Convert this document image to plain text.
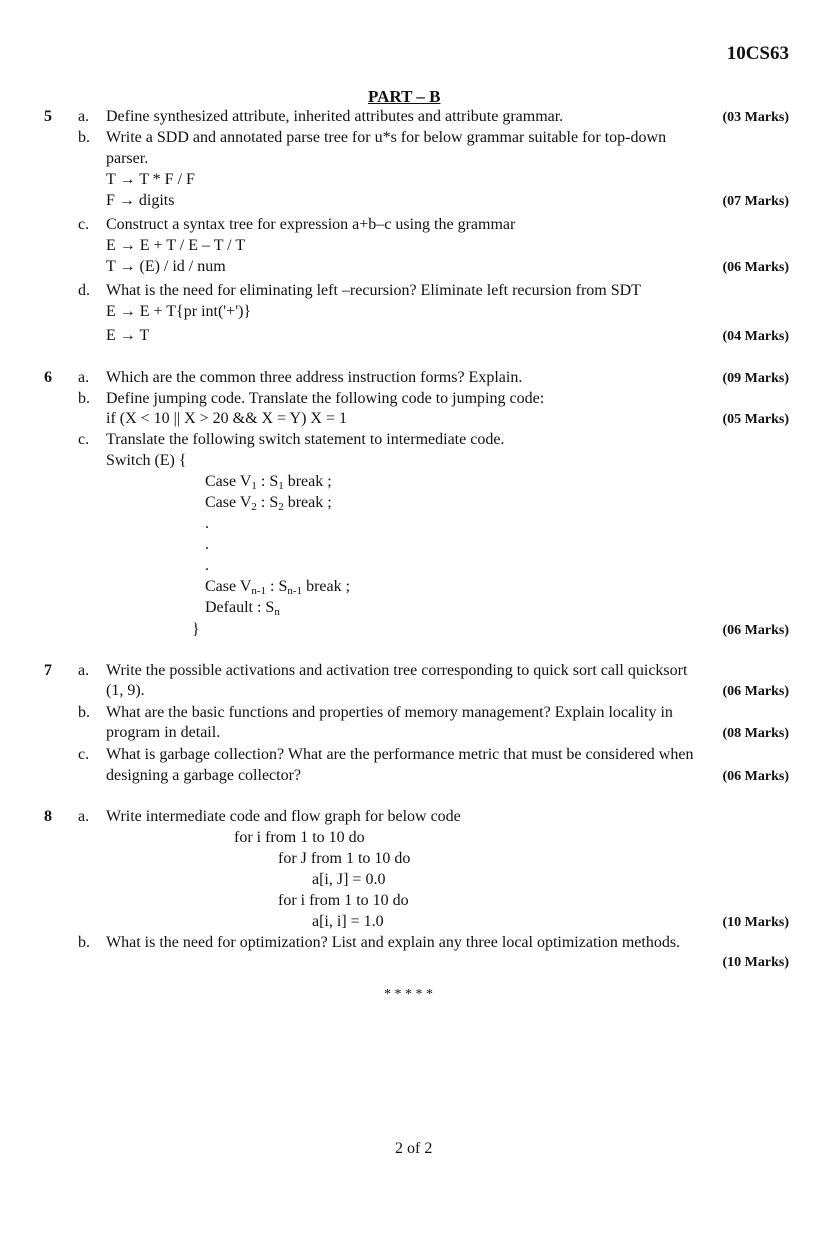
10CS63
PART – B
5 a. Define synthesized attribute, inherited attributes and attribute grammar.	(03 Marks)
b. Write a SDD and annotated parse tree for u*s for below grammar suitable for top-down
parser.
T → T * F / F
F → digits	(07 Marks)
c. Construct a syntax tree for expression a+b–c using the grammar
E → E + T / E – T / T
T → (E) / id / num	(06 Marks)
d. What is the need for eliminating left –recursion? Eliminate left recursion from SDT
E → E + T{pr int('+')}
E → T	(04 Marks)
6 a. Which are the common three address instruction forms? Explain.	(09 Marks)
b. Define jumping code. Translate the following code to jumping code:
if (X < 10 || X > 20 && X = Y) X = 1	(05 Marks)
c. Translate the following switch statement to intermediate code.
Switch (E) {
Case V1 : S1 break ;
Case V2 : S2 break ;
.
.
.
Case Vn-1 : Sn-1 break ;
Default : Sn
}	(06 Marks)
7 a. Write the possible activations and activation tree corresponding to quick sort call quicksort
(1, 9).	(06 Marks)
b. What are the basic functions and properties of memory management? Explain locality in
program in detail.	(08 Marks)
c. What is garbage collection? What are the performance metric that must be considered when
designing a garbage collector?	(06 Marks)
8 a. Write intermediate code and flow graph for below code
for i from 1 to 10 do
for J from 1 to 10 do
a[i, J] = 0.0
for i from 1 to 10 do
a[i, i] = 1.0	(10 Marks)
b. What is the need for optimization? List and explain any three local optimization methods.
(10 Marks)
* * * * *
2 of 2
